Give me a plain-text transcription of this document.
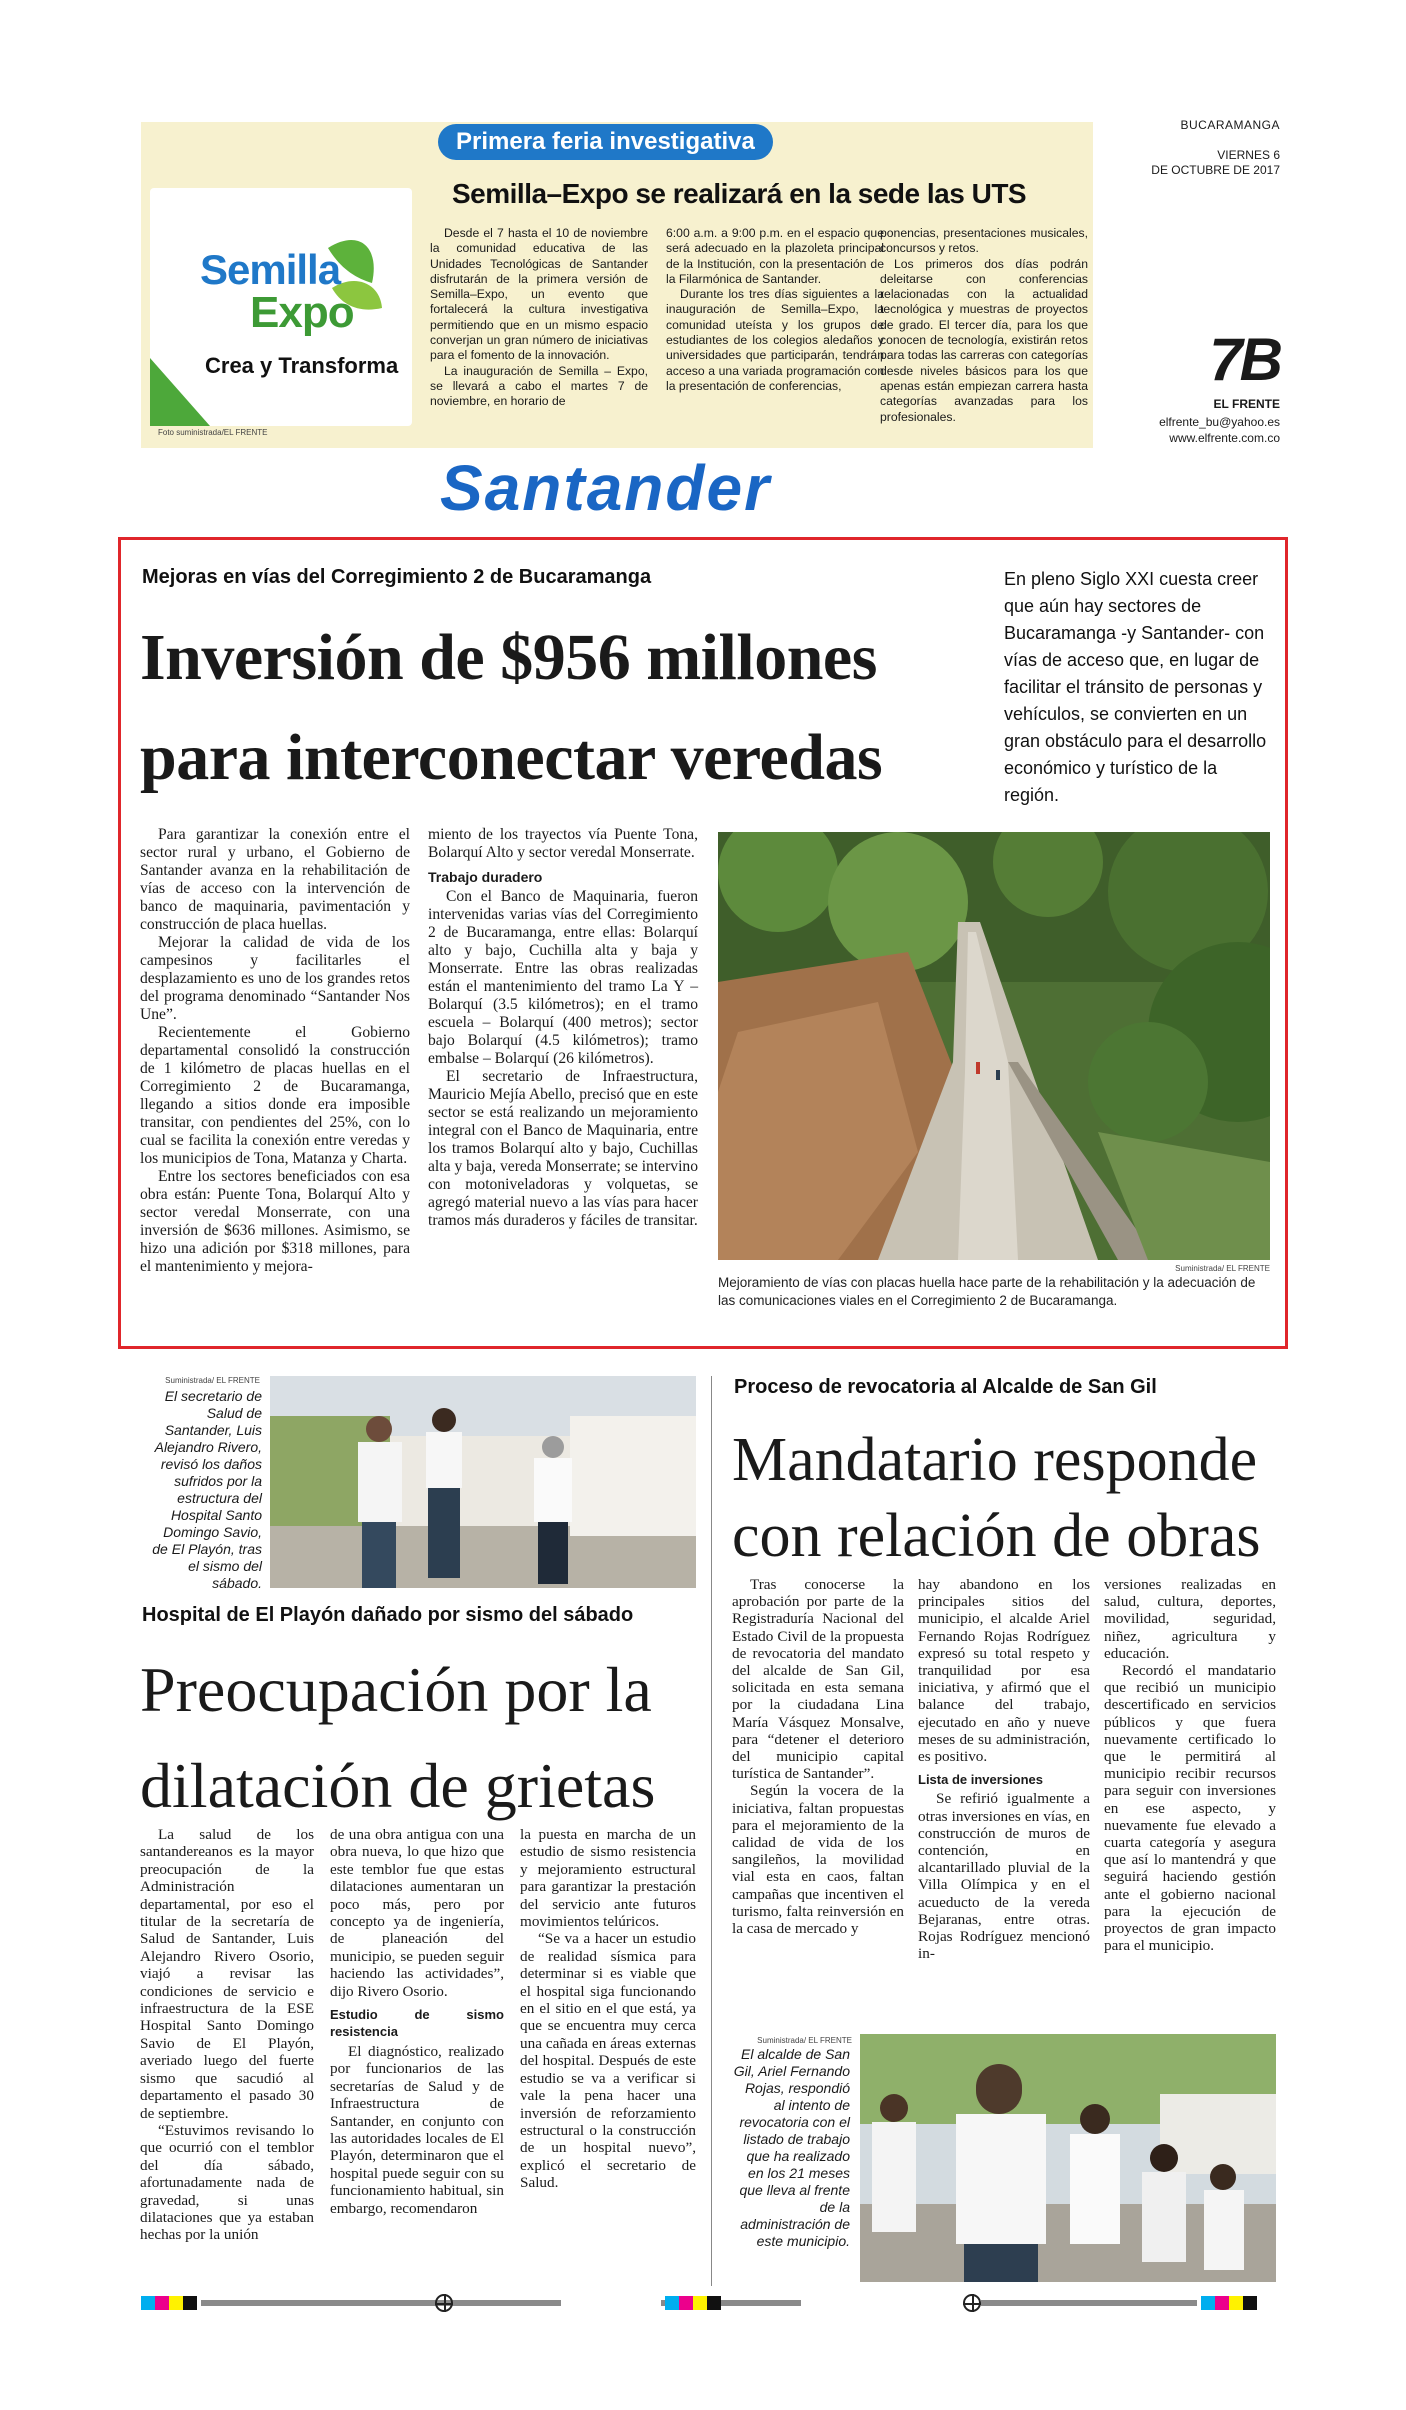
Semilla
Expo
Crea y Transforma
Foto suministrada/EL FRENTE
Primera feria investigativa
Semilla–Expo se realizará en la sede las UTS

Desde el 7 hasta el 10 de noviembre la comunidad educativa de las Unidades Tecnológicas de Santander disfrutarán de la primera versión de Semilla–Expo, un evento que fortalecerá la cultura investigativa permitiendo que en un mismo espacio converjan un gran número de iniciativas para el fomento de la innovación.

La inauguración de Semilla – Expo, se llevará a cabo el martes 7 de noviembre, en horario de

6:00 a.m. a 9:00 p.m. en el espacio que será adecuado en la plazoleta principal de la Institución, con la presentación de la Filarmónica de Santander.

Durante los tres días siguientes a la inauguración de Semilla–Expo, la comunidad uteísta y los grupos de estudiantes de los colegios aledaños y universidades que participarán, tendrán acceso a una variada programación con la presentación de conferencias,

ponencias, presentaciones musicales, concursos y retos.

Los primeros dos días podrán deleitarse con conferencias relacionadas con la actualidad tecnológica y muestras de proyectos de grado. El tercer día, para los que conocen de tecnología, existirán retos para todas las carreras con categorías desde niveles básicos para los que apenas están empiezan carrera hasta categorías avanzadas para los profesionales.

BUCARAMANGA
VIERNES 6
DE OCTUBRE DE 2017
7B
EL FRENTE
elfrente_bu@yahoo.es
www.elfrente.com.co
Santander
Mejoras en vías del Corregimiento 2 de Bucaramanga
Inversión de $956 millones
para interconectar veredas
En pleno Siglo XXI cuesta creer que aún hay sectores de Bucaramanga -y Santander- con vías de acceso que, en lugar de facilitar el tránsito de personas y vehículos, se convierten en un gran obstáculo para el desarrollo económico y turístico de la región.

Para garantizar la conexión entre el sector rural y urbano, el Gobierno de Santander avanza en la rehabilitación de vías de acceso con la intervención de banco de maquinaria, pavimentación y construcción de placa huellas.

Mejorar la calidad de vida de los campesinos y facilitarles el desplazamiento es uno de los grandes retos del programa denominado “Santander Nos Une”.

Recientemente el Gobierno departamental consolidó la construcción de 1 kilómetro de placas huellas en el Corregimiento 2 de Bucaramanga, llegando a sitios donde era imposible transitar, con pendientes del 25%, con lo cual se facilita la conexión entre veredas y los municipios de Tona, Matanza y Charta.

Entre los sectores beneficiados con esa obra están: Puente Tona, Bolarquí Alto y sector veredal Monserrate, con una inversión de $636 millones. Asimismo, se hizo una adición por $318 millones, para el mantenimiento y mejora-

miento de los trayectos vía Puente Tona, Bolarquí Alto y sector veredal Monserrate.

Trabajo duradero

Con el Banco de Maquinaria, fueron intervenidas varias vías del Corregimiento 2 de Bucaramanga, entre ellas: Bolarquí alto y bajo, Cuchilla alta y baja y Monserrate. Entre las obras realizadas están el mantenimiento del tramo La Y – Bolarquí (3.5 kilómetros); en el tramo escuela – Bolarquí (400 metros); sector bajo Bolarquí (4.5 kilómetros); tramo embalse – Bolarquí (26 kilómetros).

El secretario de Infraestructura, Mauricio Mejía Abello, precisó que en este sector se está realizando un mejoramiento integral con el Banco de Maquinaria, entre los tramos Bolarquí alto y bajo, Cuchillas alta y baja, vereda Monserrate; se intervino con motoniveladoras y volquetas, se agregó material nuevo a las vías para hacer tramos más duraderos y fáciles de transitar.

Suministrada/ EL FRENTE
Mejoramiento de vías con placas huella hace parte de la rehabilitación y la adecuación de las comunicaciones viales en el Corregimiento 2 de Bucaramanga.
Suministrada/ EL FRENTE
El secretario de Salud de Santander, Luis Alejandro Rivero, revisó los daños sufridos por la estructura del Hospital Santo Domingo Savio, de El Playón, tras el sismo del sábado.
Hospital de El Playón dañado por sismo del sábado
Preocupación por la
dilatación de grietas

La salud de los santandereanos es la mayor preocupación de la Administración departamental, por eso el titular de la secretaría de Salud de Santander, Luis Alejandro Rivero Osorio, viajó a revisar las condiciones de servicio e infraestructura de la ESE Hospital Santo Domingo Savio de El Playón, averiado luego del fuerte sismo que sacudió al departamento el pasado 30 de septiembre.

“Estuvimos revisando lo que ocurrió con el temblor del día sábado, afortunadamente nada de gravedad, si unas dilataciones que ya estaban hechas por la unión

de una obra antigua con una obra nueva, lo que hizo que este temblor fue que estas dilataciones aumentaran un poco más, pero por concepto ya de ingeniería, de planeación del municipio, se pueden seguir haciendo las actividades”, dijo Rivero Osorio.

Estudio de sismo resistencia

El diagnóstico, realizado por funcionarios de las secretarías de Salud y de Infraestructura de Santander, en conjunto con las autoridades locales de El Playón, determinaron que el hospital puede seguir con su funcionamiento habitual, sin embargo, recomendaron

la puesta en marcha de un estudio de sismo resistencia y mejoramiento estructural para garantizar la prestación del servicio ante futuros movimientos telúricos.

“Se va a hacer un estudio de realidad sísmica para determinar si es viable que el hospital siga funcionando en el sitio en el que está, ya que se encuentra muy cerca una cañada en áreas externas del hospital. Después de este estudio se va a verificar si vale la pena hacer una inversión de reforzamiento estructural o la construcción de un hospital nuevo”, explicó el secretario de Salud.

Proceso de revocatoria al Alcalde de San Gil
Mandatario responde
con relación de obras

Tras conocerse la aprobación por parte de la Registraduría Nacional del Estado Civil de la propuesta de revocatoria del mandato del alcalde de San Gil, solicitada en esta semana por la ciudadana Lina María Vásquez Monsalve, para “detener el deterioro del municipio capital turística de Santander”.

Según la vocera de la iniciativa, faltan propuestas para el mejoramiento de la calidad de vida de los sangileños, la movilidad vial esta en caos, faltan campañas que incentiven el turismo, falta reinversión en la casa de mercado y

hay abandono en los principales sitios del municipio, el alcalde Ariel Fernando Rojas Rodríguez expresó su total respeto y tranquilidad por esa iniciativa, y afirmó que el balance del trabajo, ejecutado en año y nueve meses de su administración, es positivo.

Lista de inversiones

Se refirió igualmente a otras inversiones en vías, en construcción de muros de contención, en alcantarillado pluvial de la Villa Olímpica y en el acueducto de la vereda Bejaranas, entre otras. Rojas Rodríguez mencionó in-

versiones realizadas en salud, cultura, deportes, movilidad, seguridad, niñez, agricultura y educación.

Recordó el mandatario que recibió un municipio descertificado en servicios públicos y que fuera nuevamente certificado lo que le permitirá al municipio recibir recursos para seguir con inversiones en ese aspecto, y nuevamente fue elevado a cuarta categoría y asegura que así lo mantendrá y que seguirá haciendo gestión ante el gobierno nacional para la ejecución de proyectos de gran impacto para el municipio.

Suministrada/ EL FRENTE
El alcalde de San Gil, Ariel Fernando Rojas, respondió al intento de revocatoria con el listado de trabajo que ha realizado en los 21 meses que lleva al frente de la administración de este municipio.
